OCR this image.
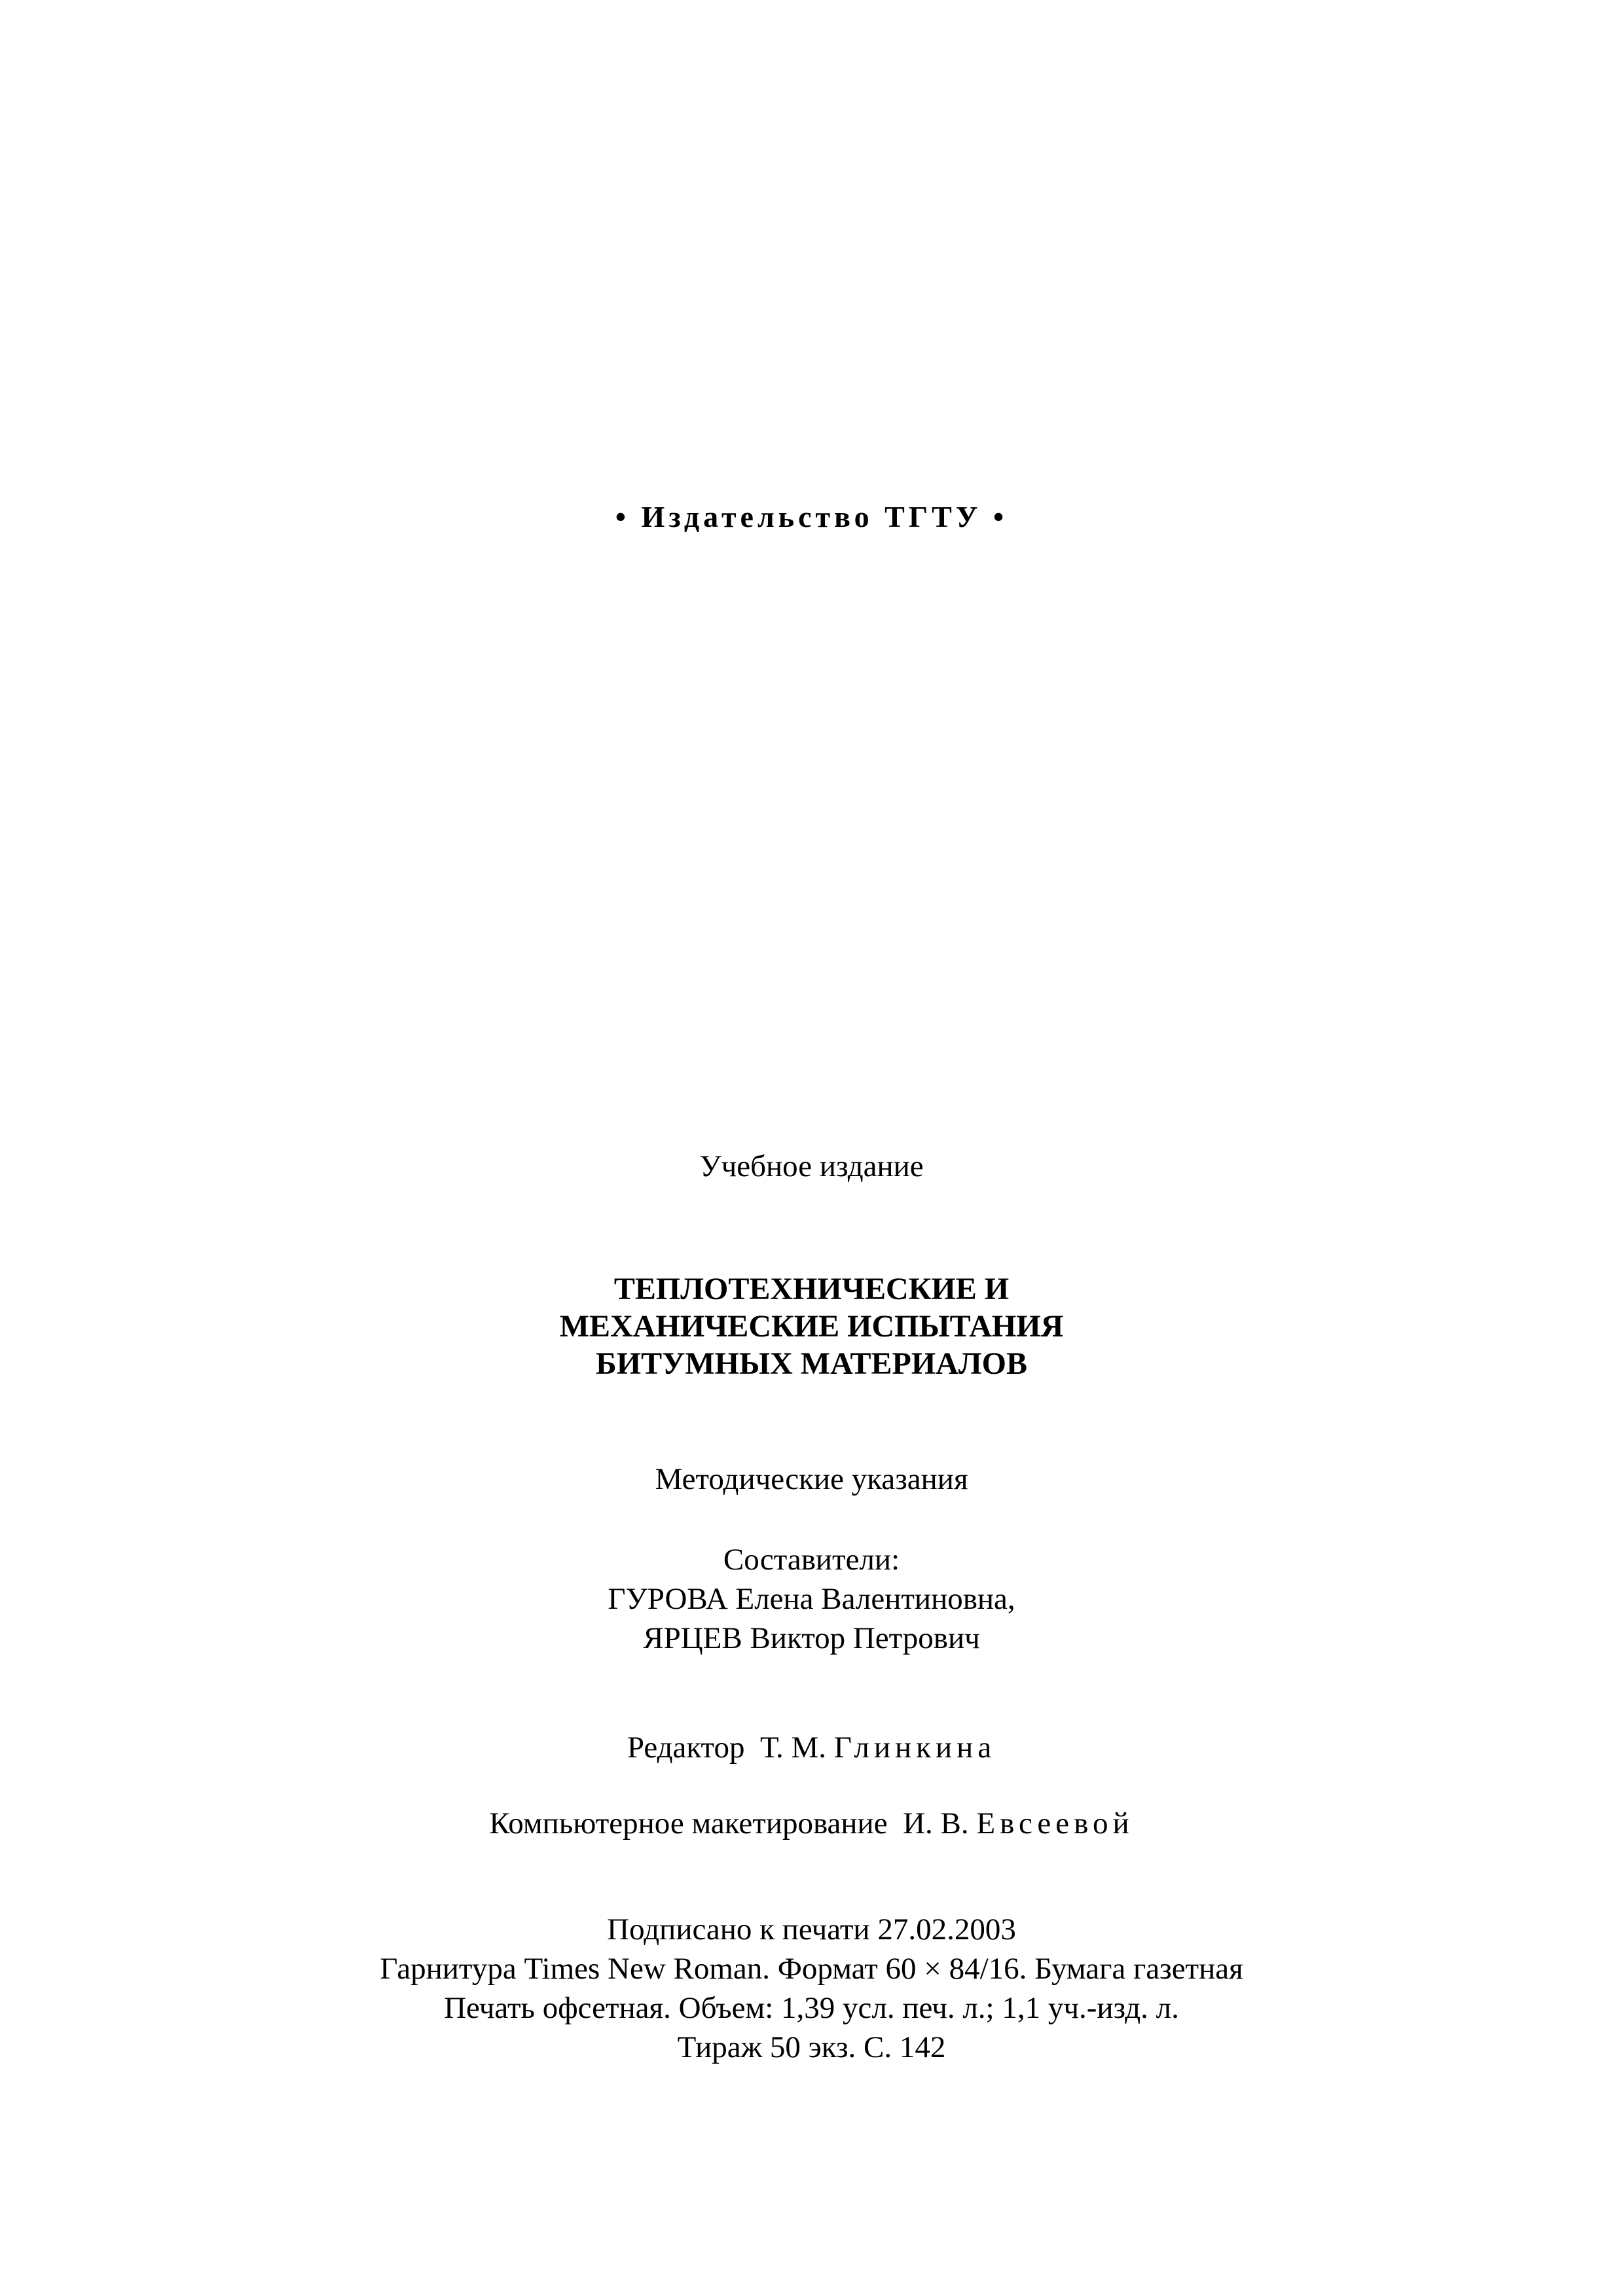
• Издательство ТГТУ •
Учебное издание
ТЕПЛОТЕХНИЧЕСКИЕ И
МЕХАНИЧЕСКИЕ ИСПЫТАНИЯ
БИТУМНЫХ МАТЕРИАЛОВ
Методические указания
Составители:
ГУРОВА Елена Валентиновна,
ЯРЦЕВ Виктор Петрович
Редактор Т. М. Глинкина
Компьютерное макетирование И. В. Евсеевой
Подписано к печати 27.02.2003
Гарнитура Times New Roman. Формат 60 × 84/16. Бумага газетная
Печать офсетная. Объем: 1,39 усл. печ. л.; 1,1 уч.-изд. л.
Тираж 50 экз. С. 142
